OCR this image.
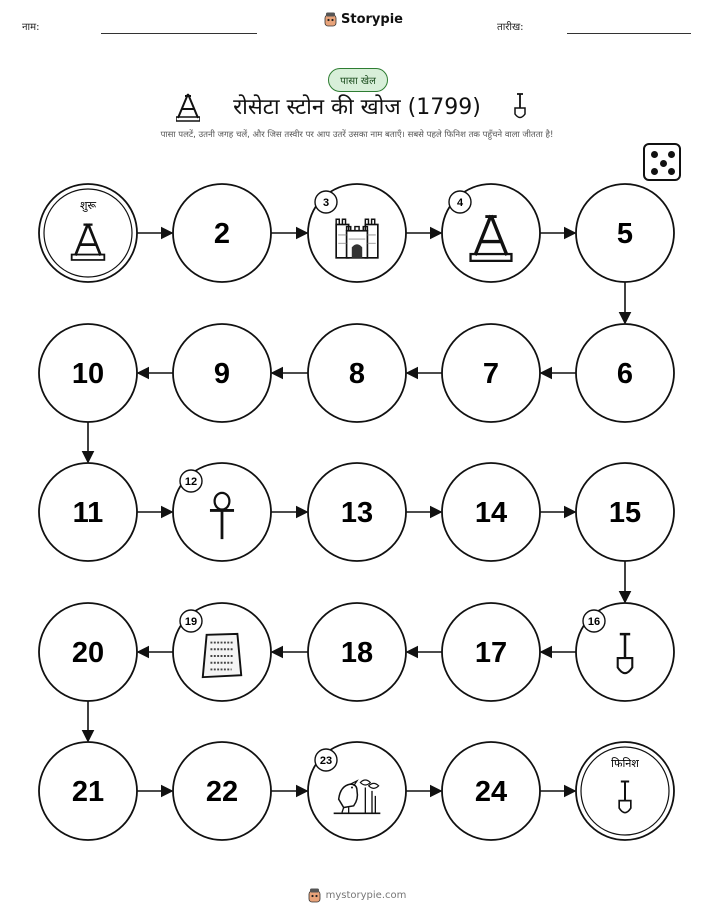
नाम:
Storypie
तारीख:
पासा खेल
रोसेटा स्टोन की खोज (1799)
पासा पलटें, उतनी जगह चलें, और जिस तस्वीर पर आप उतरें उसका नाम बताएँ। सबसे पहले फिनिश तक पहुँचने वाला जीतता है!
शुरू
2
3	4
5
6
7
8
9
10
11
12
13	14	15
16
17
18
19
20
21	22
23
24
फिनिश
mystorypie.com
